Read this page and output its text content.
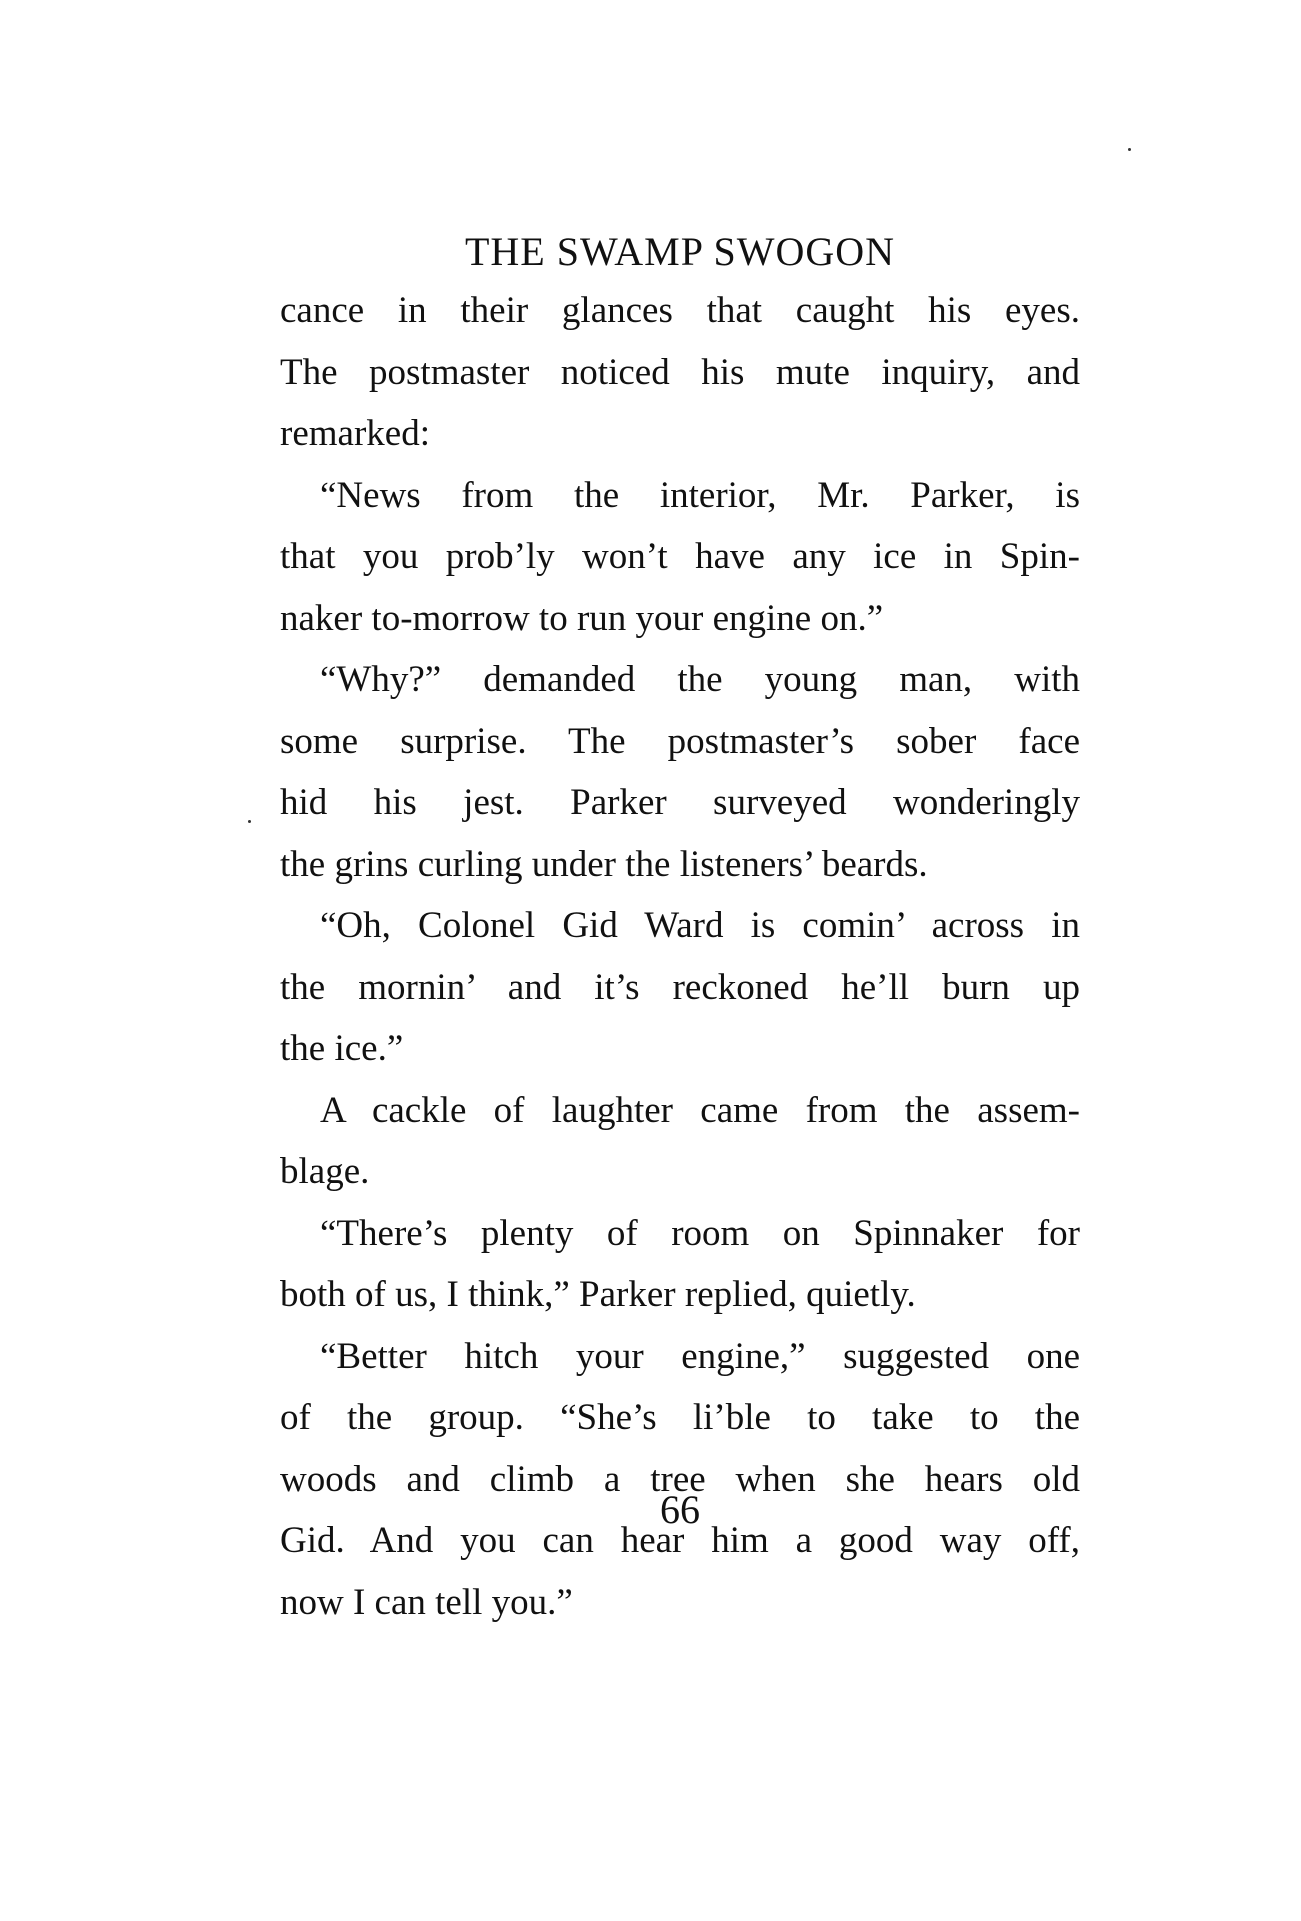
THE SWAMP SWOGON

cance in their glances that caught his eyes.

The postmaster noticed his mute inquiry, and

remarked:

“News from the interior, Mr. Parker, is

that you prob’ly won’t have any ice in Spin-

naker to-morrow to run your engine on.”

“Why?” demanded the young man, with

some surprise. The postmaster’s sober face

hid his jest. Parker surveyed wonderingly

the grins curling under the listeners’ beards.

“Oh, Colonel Gid Ward is comin’ across in

the mornin’ and it’s reckoned he’ll burn up

the ice.”

A cackle of laughter came from the assem-

blage.

“There’s plenty of room on Spinnaker for

both of us, I think,” Parker replied, quietly.

“Better hitch your engine,” suggested one

of the group. “She’s li’ble to take to the

woods and climb a tree when she hears old

Gid. And you can hear him a good way off,

now I can tell you.”

66
